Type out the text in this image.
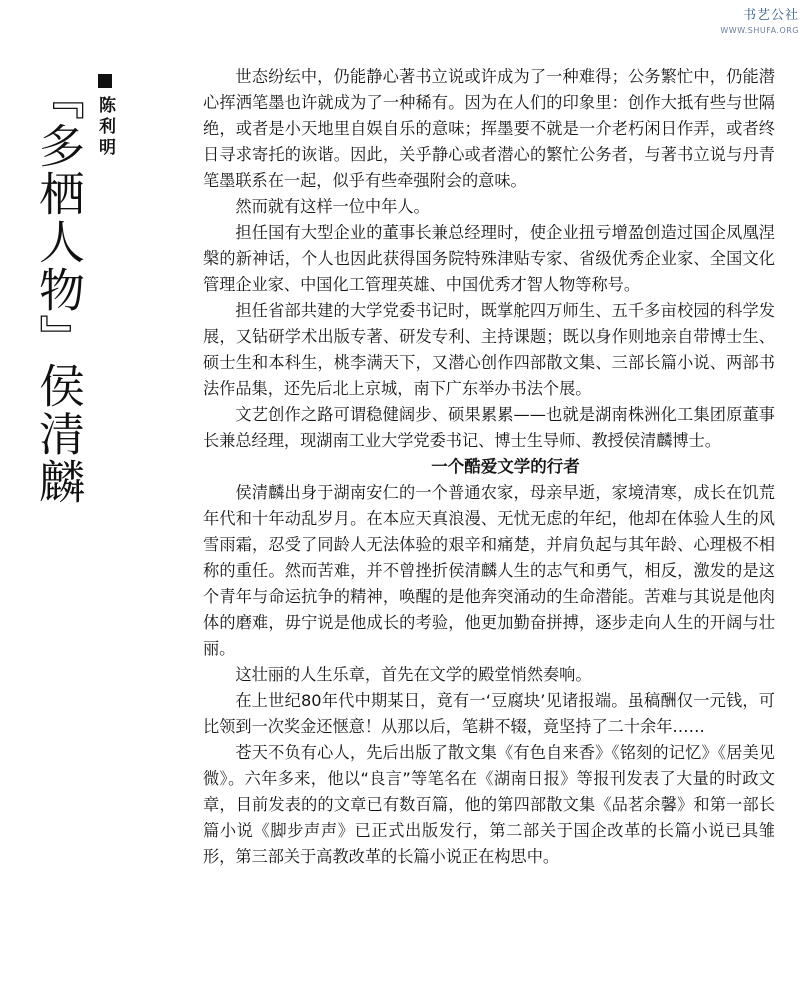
书艺公社
WWW.SHUFA.ORG
『多栖人物』侯清麟
陈利明

世态纷纭中，仍能静心著书立说或许成为了一种难得；公务繁忙中，仍能潜心挥洒笔墨也许就成为了一种稀有。因为在人们的印象里：创作大抵有些与世隔绝，或者是小天地里自娱自乐的意味；挥墨要不就是一介老朽闲日作弄，或者终日寻求寄托的诙谐。因此，关乎静心或者潜心的繁忙公务者，与著书立说与丹青笔墨联系在一起，似乎有些牵强附会的意味。

然而就有这样一位中年人。

担任国有大型企业的董事长兼总经理时，使企业扭亏增盈创造过国企凤凰涅槃的新神话，个人也因此获得国务院特殊津贴专家、省级优秀企业家、全国文化管理企业家、中国化工管理英雄、中国优秀才智人物等称号。

担任省部共建的大学党委书记时，既掌舵四万师生、五千多亩校园的科学发展，又钻研学术出版专著、研发专利、主持课题；既以身作则地亲自带博士生、硕士生和本科生，桃李满天下，又潜心创作四部散文集、三部长篇小说、两部书法作品集，还先后北上京城，南下广东举办书法个展。

文艺创作之路可谓稳健阔步、硕果累累——也就是湖南株洲化工集团原董事长兼总经理，现湖南工业大学党委书记、博士生导师、教授侯清麟博士。

一个酷爱文学的行者

侯清麟出身于湖南安仁的一个普通农家，母亲早逝，家境清寒，成长在饥荒年代和十年动乱岁月。在本应天真浪漫、无忧无虑的年纪，他却在体验人生的风雪雨霜，忍受了同龄人无法体验的艰辛和痛楚，并肩负起与其年龄、心理极不相称的重任。然而苦难，并不曾挫折侯清麟人生的志气和勇气，相反，激发的是这个青年与命运抗争的精神，唤醒的是他奔突涌动的生命潜能。苦难与其说是他肉体的磨难，毋宁说是他成长的考验，他更加勤奋拼搏，逐步走向人生的开阔与壮丽。

这壮丽的人生乐章，首先在文学的殿堂悄然奏响。

在上世纪80年代中期某日，竟有一‘豆腐块’见诸报端。虽稿酬仅一元钱，可比领到一次奖金还惬意！从那以后，笔耕不辍，竟坚持了二十余年……

苍天不负有心人，先后出版了散文集《有色自来香》《铭刻的记忆》《居美见微》。六年多来，他以“良言”等笔名在《湖南日报》等报刊发表了大量的时政文章，目前发表的的文章已有数百篇，他的第四部散文集《品茗余馨》和第一部长篇小说《脚步声声》已正式出版发行，第二部关于国企改革的长篇小说已具雏形，第三部关于高教改革的长篇小说正在构思中。
